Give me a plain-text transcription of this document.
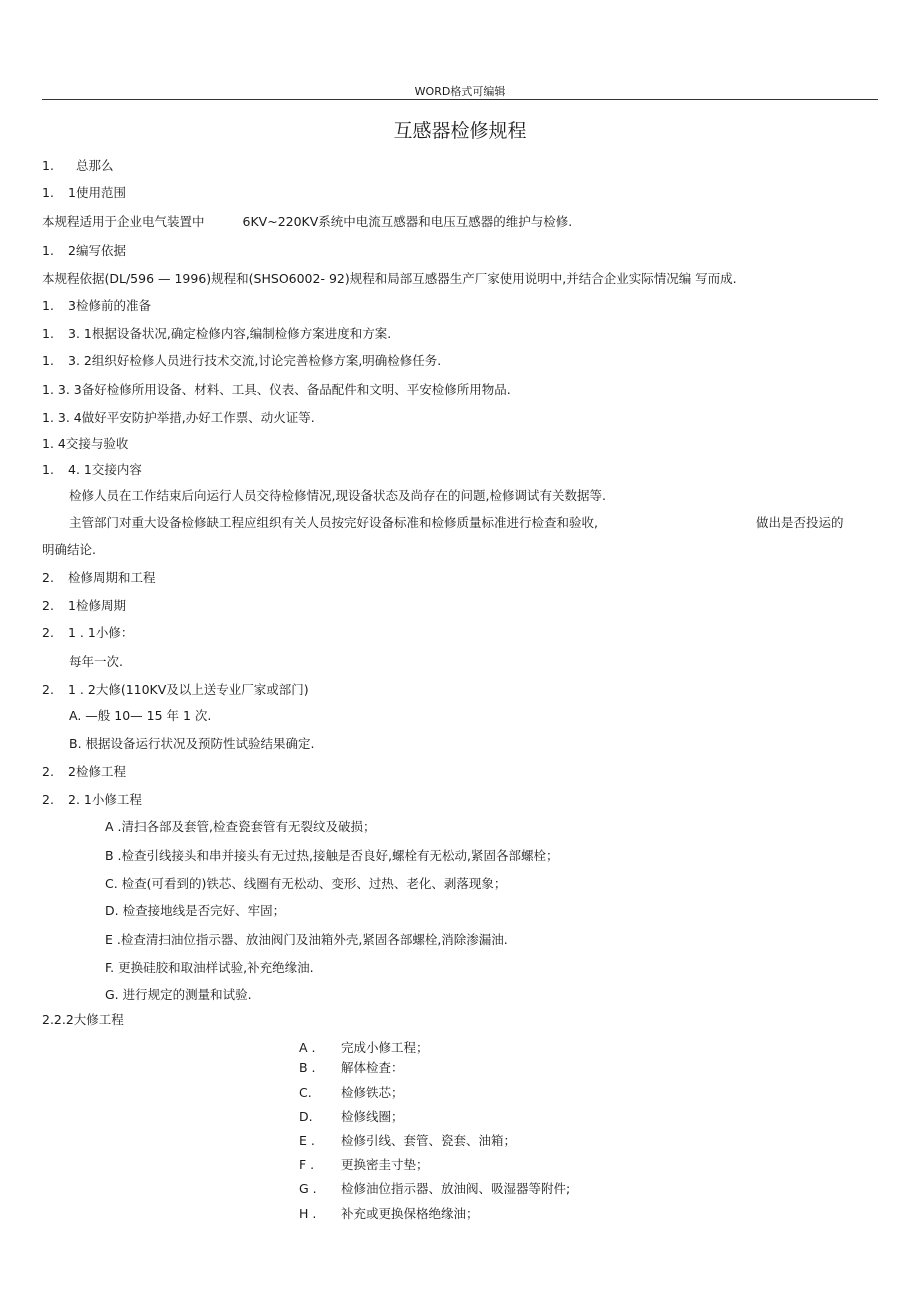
WORD格式可编辑
互感器检修规程
1. 总那么
1. 1使用范围
本规程适用于企业电气装置中	6KV~220KV系统中电流互感器和电压互感器的维护与检修.
1. 2编写依据
本规程依据(DL/596 — 1996)规程和(SHSO6002- 92)规程和局部互感器生产厂家使用说明中,并结合企业实际情况编 写而成.
1. 3检修前的准备
1. 3. 1根据设备状况,确定检修内容,编制检修方案进度和方案.
1. 3. 2组织好检修人员进行技术交流,讨论完善检修方案,明确检修任务.
1. 3. 3备好检修所用设备、材料、工具、仪表、备品配件和文明、平安检修所用物品.
1. 3. 4做好平安防护举措,办好工作票、动火证等.
1. 4交接与验收
1. 4. 1交接内容
检修人员在工作结束后向运行人员交待检修情况,现设备状态及尚存在的问题,检修调试有关数据等.
主管部门对重大设备检修缺工程应组织有关人员按完好设备标准和检修质量标准进行检查和验收,	做出是否投运的
明确结论.
2. 检修周期和工程
2. 1检修周期
2. 1 . 1小修：
每年一次.
2. 1 . 2大修(110KV及以上送专业厂家或部门)
A. —般 10— 15 年 1 次.
B. 根据设备运行状况及预防性试验结果确定.
2. 2检修工程
2. 2. 1小修工程
A .清扫各部及套管,检查瓷套管有无裂纹及破损；
B .检查引线接头和串并接头有无过热,接触是否良好,螺栓有无松动,紧固各部螺栓；
C. 检查(可看到的)铁芯、线圈有无松动、变形、过热、老化、剥落现象；
D. 检查接地线是否完好、牢固；
E .检查清扫油位指示器、放油阀门及油箱外壳,紧固各部螺栓,消除渗漏油.
F. 更换硅胶和取油样试验,补充绝缘油.
G. 进行规定的测量和试验.
2.2.2大修工程
A . 完成小修工程；
B . 解体检査：
C. 检修铁芯；
D. 检修线圈；
E . 检修引线、套管、瓷套、油箱；
F . 更换密圭寸垫；
G . 检修油位指示器、放油阀、吸湿器等附件;
H . 补充或更换保格绝缘油；
